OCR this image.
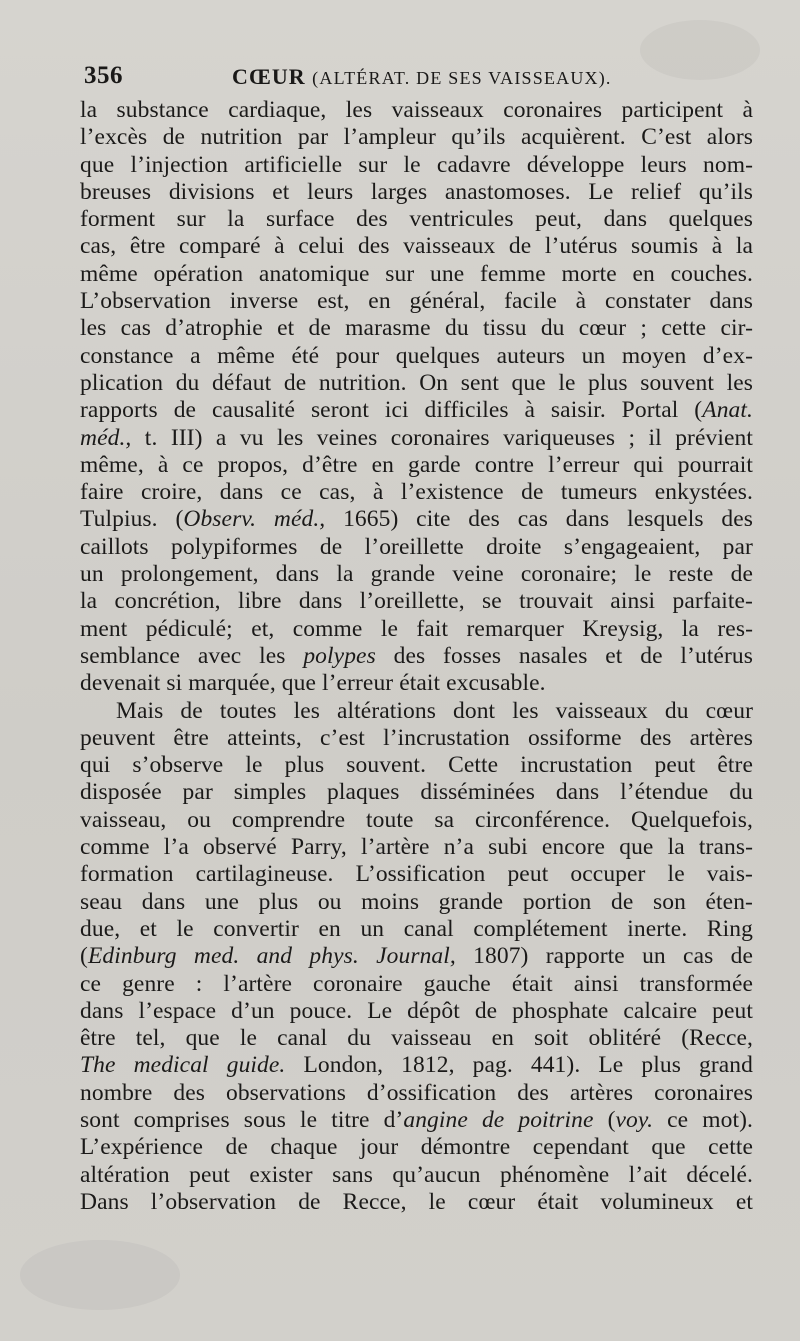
356	CŒUR (ALTÉRAT. DE SES VAISSEAUX).
la substance cardiaque, les vaisseaux coronaires participent à
l’excès de nutrition par l’ampleur qu’ils acquièrent. C’est alors
que l’injection artificielle sur le cadavre développe leurs nom-
breuses divisions et leurs larges anastomoses. Le relief qu’ils
forment sur la surface des ventricules peut, dans quelques
cas, être comparé à celui des vaisseaux de l’utérus soumis à la
même opération anatomique sur une femme morte en couches.
L’observation inverse est, en général, facile à constater dans
les cas d’atrophie et de marasme du tissu du cœur ; cette cir-
constance a même été pour quelques auteurs un moyen d’ex-
plication du défaut de nutrition. On sent que le plus souvent les
rapports de causalité seront ici difficiles à saisir. Portal (Anat.
méd., t. III) a vu les veines coronaires variqueuses ; il prévient
même, à ce propos, d’être en garde contre l’erreur qui pourrait
faire croire, dans ce cas, à l’existence de tumeurs enkystées.
Tulpius. (Observ. méd., 1665) cite des cas dans lesquels des
caillots polypiformes de l’oreillette droite s’engageaient, par
un prolongement, dans la grande veine coronaire; le reste de
la concrétion, libre dans l’oreillette, se trouvait ainsi parfaite-
ment pédiculé; et, comme le fait remarquer Kreysig, la res-
semblance avec les polypes des fosses nasales et de l’utérus
devenait si marquée, que l’erreur était excusable.
Mais de toutes les altérations dont les vaisseaux du cœur
peuvent être atteints, c’est l’incrustation ossiforme des artères
qui s’observe le plus souvent. Cette incrustation peut être
disposée par simples plaques disséminées dans l’étendue du
vaisseau, ou comprendre toute sa circonférence. Quelquefois,
comme l’a observé Parry, l’artère n’a subi encore que la trans-
formation cartilagineuse. L’ossification peut occuper le vais-
seau dans une plus ou moins grande portion de son éten-
due, et le convertir en un canal complétement inerte. Ring
(Edinburg med. and phys. Journal, 1807) rapporte un cas de
ce genre : l’artère coronaire gauche était ainsi transformée
dans l’espace d’un pouce. Le dépôt de phosphate calcaire peut
être tel, que le canal du vaisseau en soit oblitéré (Recce,
The medical guide. London, 1812, pag. 441). Le plus grand
nombre des observations d’ossification des artères coronaires
sont comprises sous le titre d’angine de poitrine (voy. ce mot).
L’expérience de chaque jour démontre cependant que cette
altération peut exister sans qu’aucun phénomène l’ait décelé.
Dans l’observation de Recce, le cœur était volumineux et
